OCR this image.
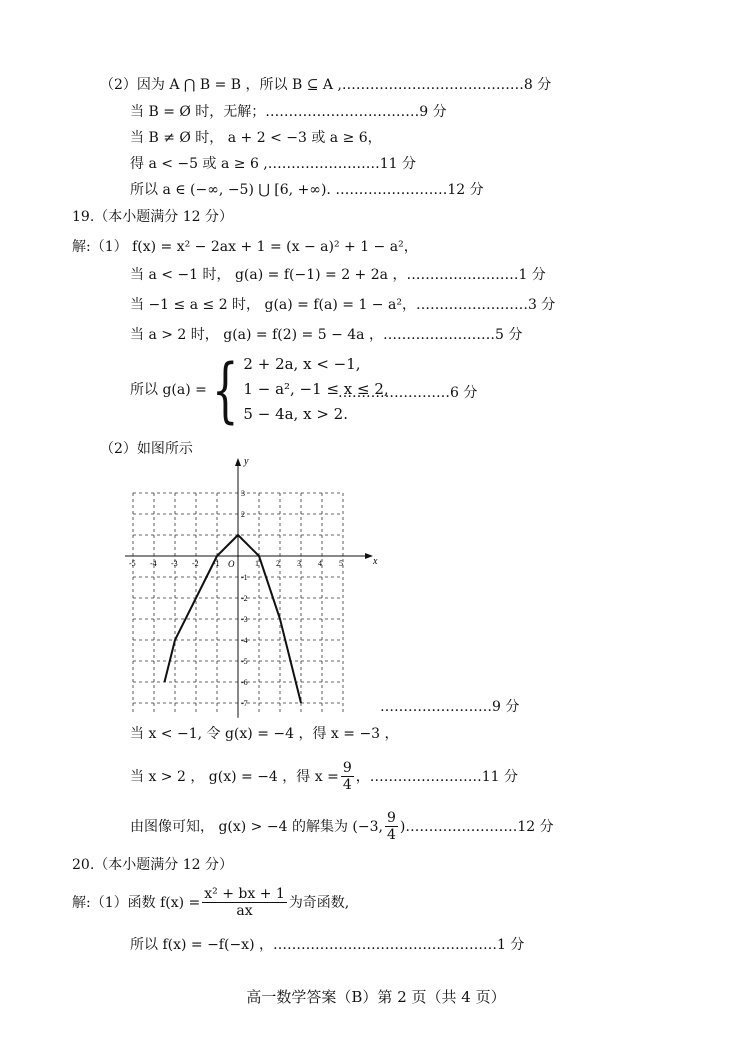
（2）因为 A ⋂ B = B ，所以 B ⊆ A ,…………………………………8 分
当 B = Ø 时，无解；……………………………9 分
当 B ≠ Ø 时， a + 2 < −3 或 a ≥ 6，
得 a < −5 或 a ≥ 6 ,……………………11 分
所以 a ∈ (−∞, −5) ⋃ [6, +∞). ……………………12 分
19.（本小题满分 12 分）
解:（1） f(x) = x² − 2ax + 1 = (x − a)² + 1 − a²，
当 a < −1 时， g(a) = f(−1) = 2 + 2a ，……………………1 分
当 −1 ≤ a ≤ 2 时， g(a) = f(a) = 1 − a²，……………………3 分
当 a > 2 时， g(a) = f(2) = 5 − 4a ，……………………5 分
所以 g(a) = { 2 + 2a, x < −1,
1 − a², −1 ≤ x ≤ 2,
5 − 4a, x > 2.
……………………6 分
（2）如图所示
x
y
O
-5 -4 -3 -2 -1	1 2 3 4 5
3
2
-1
-2
-3
-4
-5
-6
-7	……………………9 分
当 x < −1, 令 g(x) = −4 ，得 x = −3 ，
当 x > 2 ， g(x) = −4 ，得 $x = \frac{9}{4}$ ，……………………11 分
由图像可知， g(x) > −4 的解集为 (−3, $\frac{9}{4}$ )……………………12 分
20.（本小题满分 12 分）
解:（1）函数 $f(x) = \frac{\text{x² + bx + 1}}{ax}$ 为奇函数,
所以 f(x) = −f(−x) ，…………………………………………1 分
高一数学答案（B）第 2 页（共 4 页）
